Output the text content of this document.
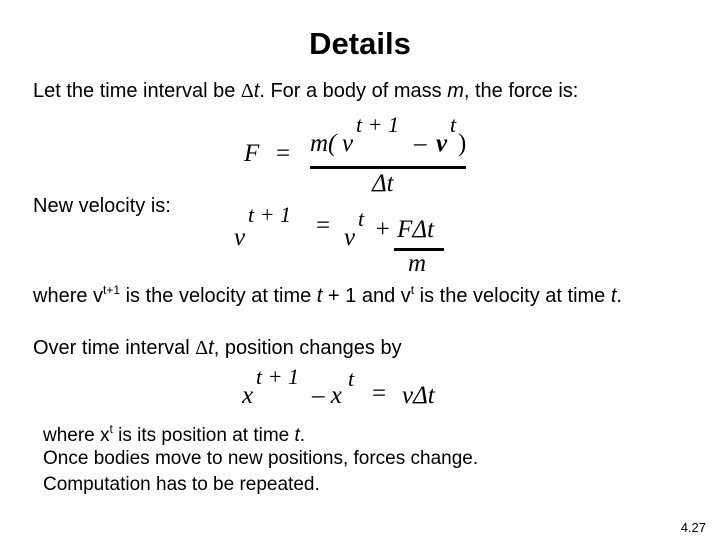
Details
Let the time interval be Δt. For a body of mass m, the force is:
F = m( v
t + 1
– v
t
)
Δt
New velocity is:
v
t + 1 = v
t + FΔt
m
where $v^{t+1}$ is the velocity at time t + 1 and $v^t$ is the velocity at time t.
Over time interval Δt, position changes by
x
t + 1
– x
t
= vΔt
where $x^t$ is its position at time t.
Once bodies move to new positions, forces change.
Computation has to be repeated.
4.27
